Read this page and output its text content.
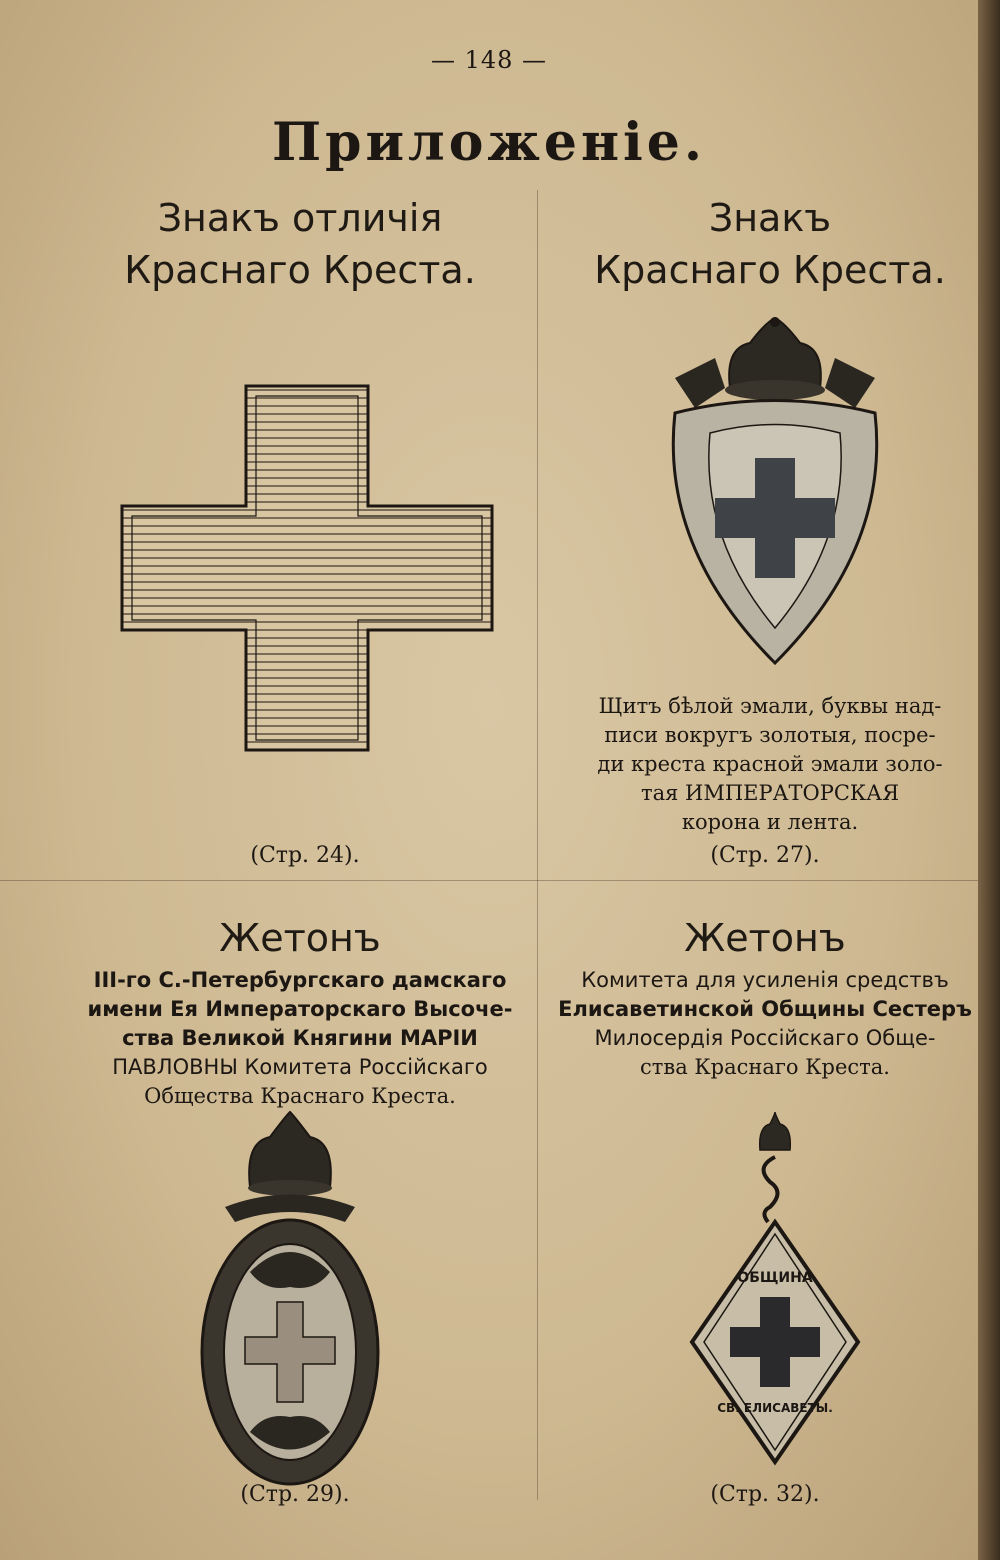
— 148 —
Приложенiе.
Знакъ отличiя
Краснаго Креста.
(Стр. 24).
Знакъ
Краснаго Креста.
Щитъ бѣлой эмали, буквы над-
писи вокругъ золотыя, посре-
ди креста красной эмали золо-
тая ИМПЕРАТОРСКАЯ
корона и лента.
(Стр. 27).
Жетонъ
III-го С.-Петербургскаго дамскаго
имени Ея Императорскаго Высоче-
ства Великой Княгини МАРIИ
ПАВЛОВНЫ Комитета Россiйскаго
Общества Краснаго Креста.
(Стр. 29).
Жетонъ
Комитета для усиленiя средствъ
Елисаветинской Общины Сестеръ
Милосердiя Россiйскаго Обще-
ства Краснаго Креста.
ОБЩИНА
СВ. ЕЛИСАВЕТЫ.
(Стр. 32).
